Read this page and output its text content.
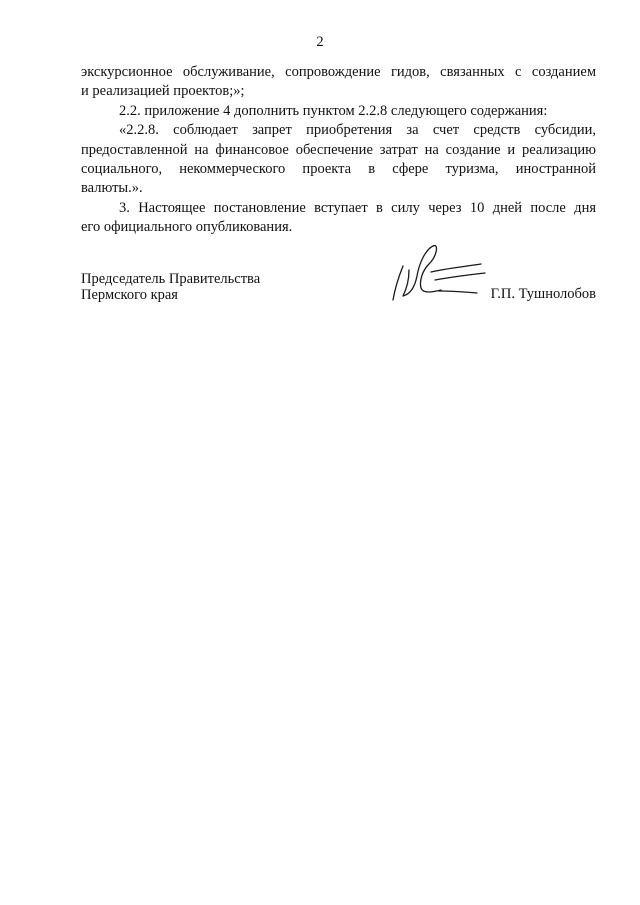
2

экскурсионное обслуживание, сопровождение гидов, связанных с созданием
и реализацией проектов;»;

2.2. приложение 4 дополнить пунктом 2.2.8 следующего содержания:

«2.2.8. соблюдает запрет приобретения за счет средств субсидии,
предоставленной на финансовое обеспечение затрат на создание и реализацию
социального, некоммерческого проекта в сфере туризма, иностранной
валюты.».

3. Настоящее постановление вступает в силу через 10 дней после дня
его официального опубликования.

Председатель Правительства
Пермского края	Г.П. Тушнолобов
